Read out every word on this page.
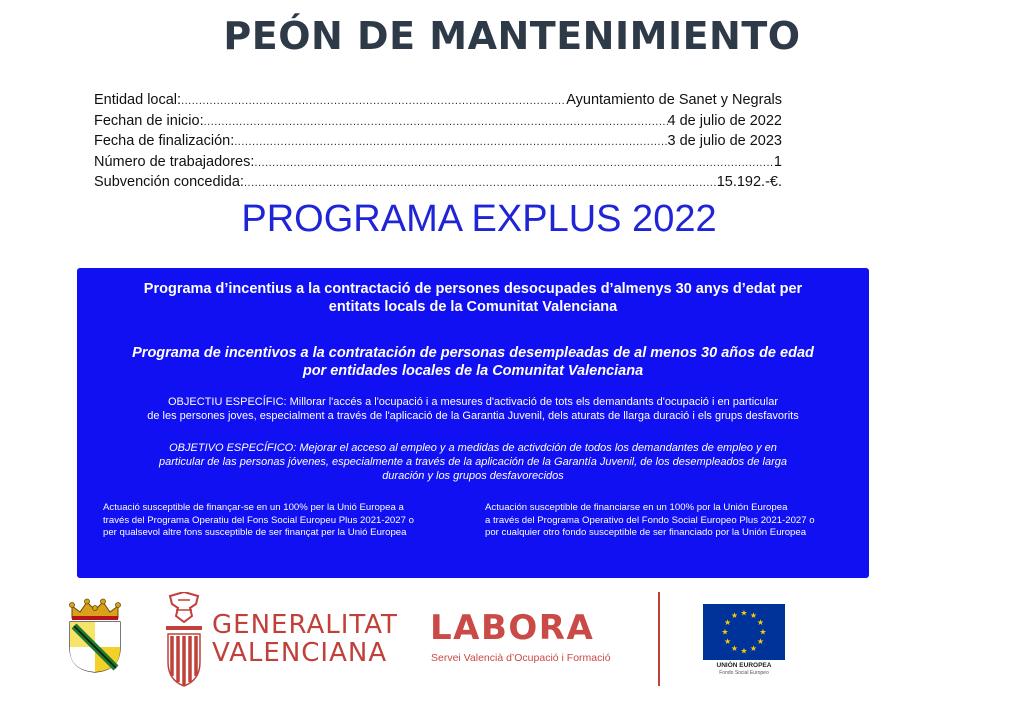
PEÓN DE MANTENIMIENTO
Entidad local: .....	Ayuntamiento de Sanet y Negrals
Fechan de inicio: .....	4 de julio de 2022
Fecha de finalización: .....	3 de julio de 2023
Número de trabajadores: .....	1
Subvención concedida: .....	15.192.-€.
PROGRAMA EXPLUS 2022
Programa d’incentius a la contractació de persones desocupades d’almenys 30 anys d’edat per
entitats locals de la Comunitat Valenciana
Programa de incentivos a la contratación de personas desempleadas de al menos 30 años de edad
por entidades locales de la Comunitat Valenciana
OBJECTIU ESPECÍFIC: Millorar l'accés a l'ocupació i a mesures d'activació de tots els demandants d'ocupació i en particular
de les persones joves, especialment a través de l'aplicació de la Garantia Juvenil, dels aturats de llarga duració i els grups desfavorits
OBJETIVO ESPECÍFICO: Mejorar el acceso al empleo y a medidas de activdción de todos los demandantes de empleo y en
particular de las personas jóvenes, especialmente a través de la aplicación de la Garantía Juvenil, de los desempleados de larga
duración y los grupos desfavorecidos
Actuació susceptible de finançar-se en un 100% per la Unió Europea a
través del Programa Operatiu del Fons Social Europeu Plus 2021-2027 o
per qualsevol altre fons susceptible de ser finançat per la Unió Europea
Actuación susceptible de financiarse en un 100% por la Unión Europea
a través del Programa Operativo del Fondo Social Europeo Plus 2021-2027 o
por cualquier otro fondo susceptible de ser financiado por la Unión Europea
GENERALITAT
VALENCIANA
LABORA
Servei Valencià d’Ocupació i Formació
★ ★
★
★
★
★
★
★
★
★
★
★
UNIÓN EUROPEA
Fondo Social Europeo
